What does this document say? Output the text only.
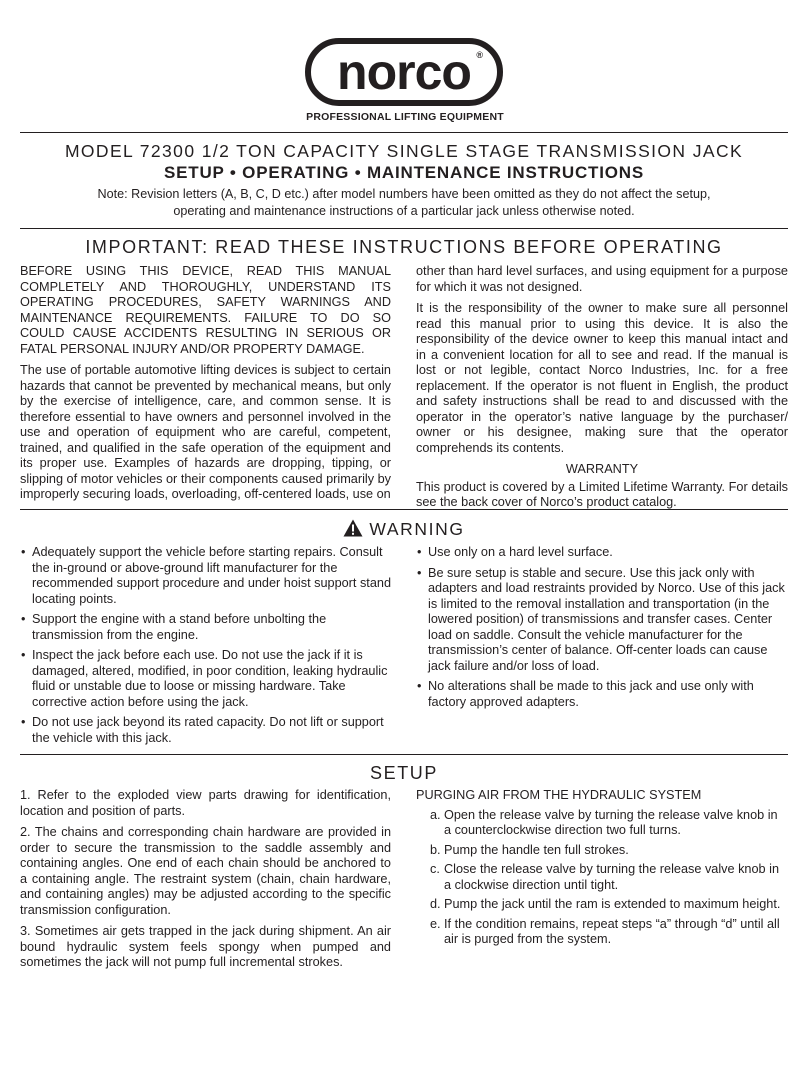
norco ®
PROFESSIONAL LIFTING EQUIPMENT
MODEL 72300 1/2 TON CAPACITY SINGLE STAGE TRANSMISSION JACK
SETUP • OPERATING • MAINTENANCE INSTRUCTIONS
Note: Revision letters (A, B, C, D etc.) after model numbers have been omitted as they do not affect the setup,
operating and maintenance instructions of a particular jack unless otherwise noted.
IMPORTANT: READ THESE INSTRUCTIONS BEFORE OPERATING

BEFORE USING THIS DEVICE, READ THIS MANUAL COMPLETELY AND THOROUGHLY, UNDERSTAND ITS OPERATING PROCEDURES, SAFETY WARNINGS AND MAINTENANCE REQUIREMENTS. FAILURE TO DO SO COULD CAUSE ACCIDENTS RESULTING IN SERIOUS OR FATAL PERSONAL INJURY AND/OR PROPERTY DAMAGE.

The use of portable automotive lifting devices is subject to certain hazards that cannot be prevented by mechanical means, but only by the exercise of intelligence, care, and common sense. It is therefore essential to have owners and personnel involved in the use and operation of equipment who are careful, competent, trained, and qualified in the safe operation of the equipment and its proper use. Examples of hazards are dropping, tipping, or slipping of motor vehicles or their components caused primarily by improperly securing loads, overloading, off-centered loads, use on

other than hard level surfaces, and using equipment for a purpose for which it was not designed.

It is the responsibility of the owner to make sure all personnel read this manual prior to using this device. It is also the responsibility of the device owner to keep this manual intact and in a convenient location for all to see and read. If the manual is lost or not legible, contact Norco Industries, Inc. for a free replacement. If the operator is not fluent in English, the product and safety instructions shall be read to and discussed with the operator in the operator’s native language by the purchaser/ owner or his designee, making sure that the operator comprehends its contents.

WARRANTY

This product is covered by a Limited Lifetime Warranty. For details see the back cover of Norco’s product catalog.

WARNING
• Adequately support the vehicle before starting repairs. Consult the in-ground or above-ground lift manufacturer for the recommended support procedure and under hoist support stand locating points.
• Support the engine with a stand before unbolting the transmission from the engine.
• Inspect the jack before each use. Do not use the jack if it is damaged, altered, modified, in poor condition, leaking hydraulic fluid or unstable due to loose or missing hardware. Take corrective action before using the jack.
• Do not use jack beyond its rated capacity. Do not lift or support the vehicle with this jack.
• Use only on a hard level surface.
• Be sure setup is stable and secure. Use this jack only with adapters and load restraints provided by Norco. Use of this jack is limited to the removal installation and transportation (in the lowered position) of transmissions and transfer cases. Center load on saddle. Consult the vehicle manufacturer for the transmission’s center of balance. Off-center loads can cause jack failure and/or loss of load.
• No alterations shall be made to this jack and use only with factory approved adapters.
SETUP

1. Refer to the exploded view parts drawing for identification, location and position of parts.

2. The chains and corresponding chain hardware are provided in order to secure the transmission to the saddle assembly and containing angles. One end of each chain should be anchored to a containing angle. The restraint system (chain, chain hardware, and containing angles) may be adjusted according to the specific transmission configuration.

3. Sometimes air gets trapped in the jack during shipment. An air bound hydraulic system feels spongy when pumped and sometimes the jack will not pump full incremental strokes.

PURGING AIR FROM THE HYDRAULIC SYSTEM

a. Open the release valve by turning the release valve knob in a counterclockwise direction two full turns.
b. Pump the handle ten full strokes.
c. Close the release valve by turning the release valve knob in a clockwise direction until tight.
d. Pump the jack until the ram is extended to maximum height.
e. If the condition remains, repeat steps “a” through “d” until all air is purged from the system.
